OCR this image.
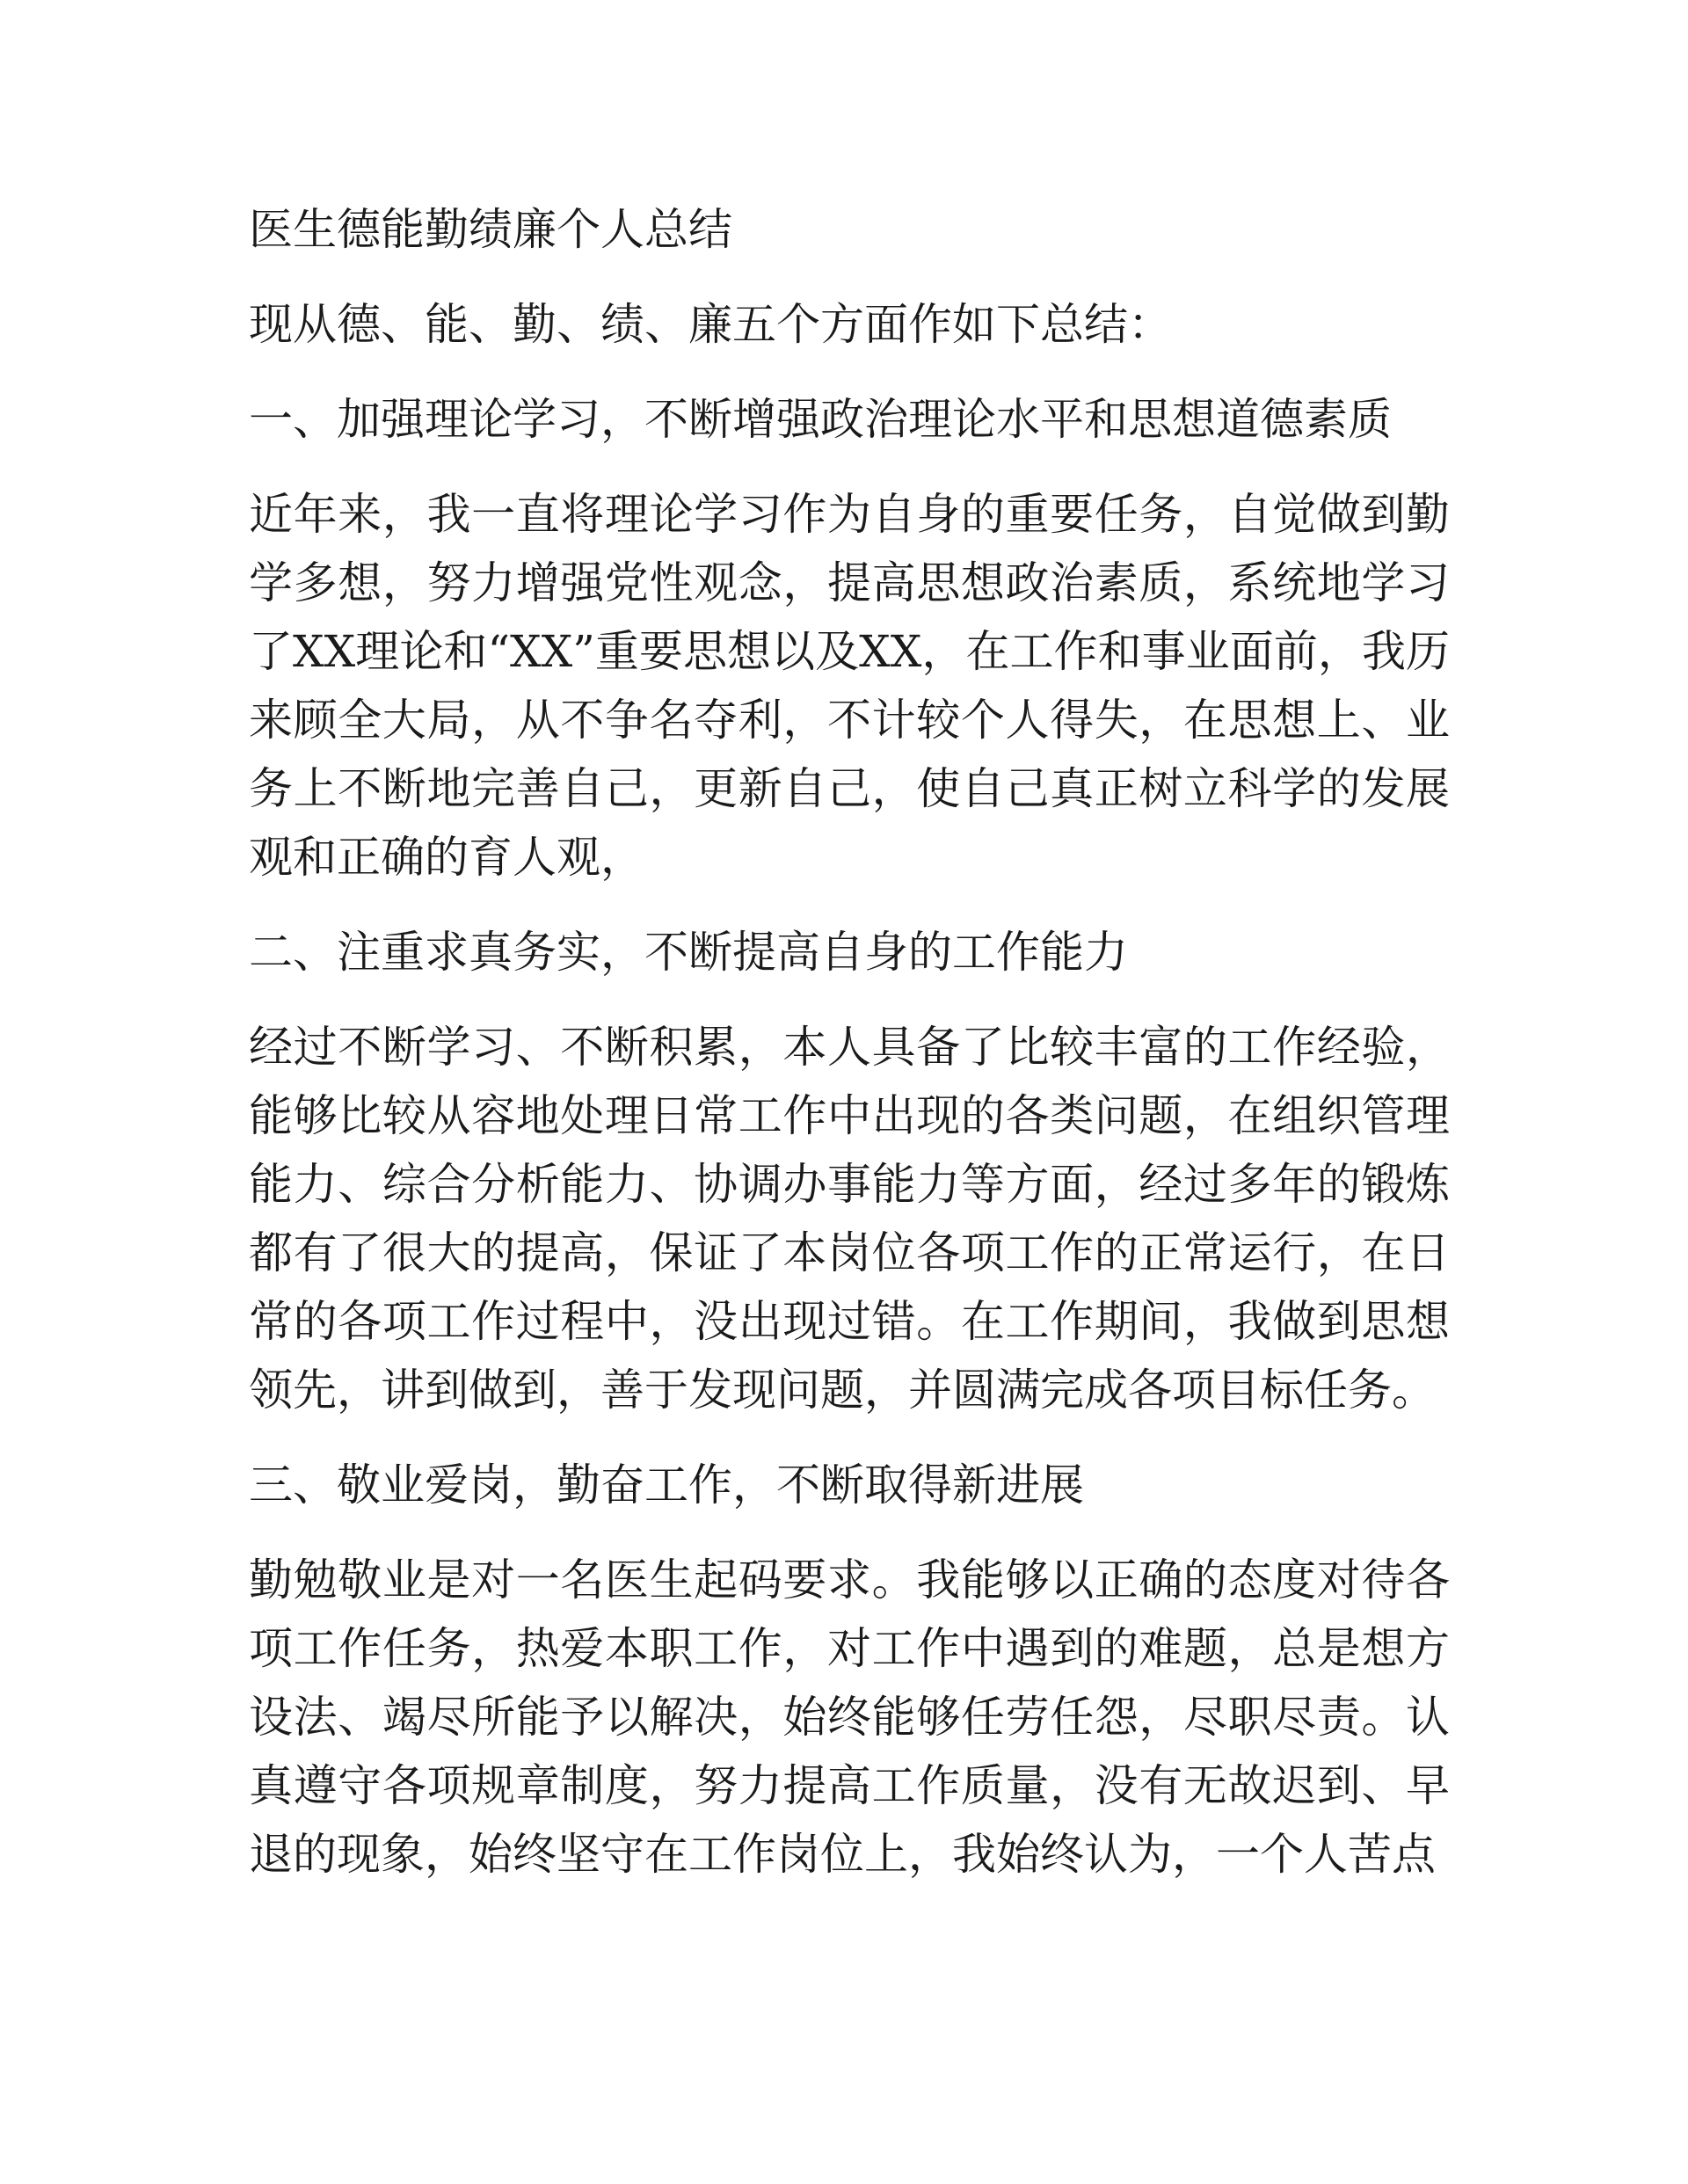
医生德能勤绩廉个人总结

现从德、能、勤、绩、廉五个方面作如下总结：

一、加强理论学习，不断增强政治理论水平和思想道德素质

近年来，我一直将理论学习作为自身的重要任务，自觉做到勤学多想，努力增强党性观念，提高思想政治素质，系统地学习了XX理论和“XX”重要思想以及XX，在工作和事业面前，我历来顾全大局，从不争名夺利，不计较个人得失，在思想上、业务上不断地完善自己，更新自己，使自己真正树立科学的发展观和正确的育人观，

二、注重求真务实，不断提高自身的工作能力

经过不断学习、不断积累，本人具备了比较丰富的工作经验，能够比较从容地处理日常工作中出现的各类问题，在组织管理能力、综合分析能力、协调办事能力等方面，经过多年的锻炼都有了很大的提高，保证了本岗位各项工作的正常运行，在日常的各项工作过程中，没出现过错。在工作期间，我做到思想领先，讲到做到，善于发现问题，并圆满完成各项目标任务。

三、敬业爱岗，勤奋工作，不断取得新进展

勤勉敬业是对一名医生起码要求。我能够以正确的态度对待各项工作任务，热爱本职工作，对工作中遇到的难题，总是想方设法、竭尽所能予以解决，始终能够任劳任怨，尽职尽责。认真遵守各项规章制度，努力提高工作质量，没有无故迟到、早退的现象，始终坚守在工作岗位上，我始终认为，一个人苦点
